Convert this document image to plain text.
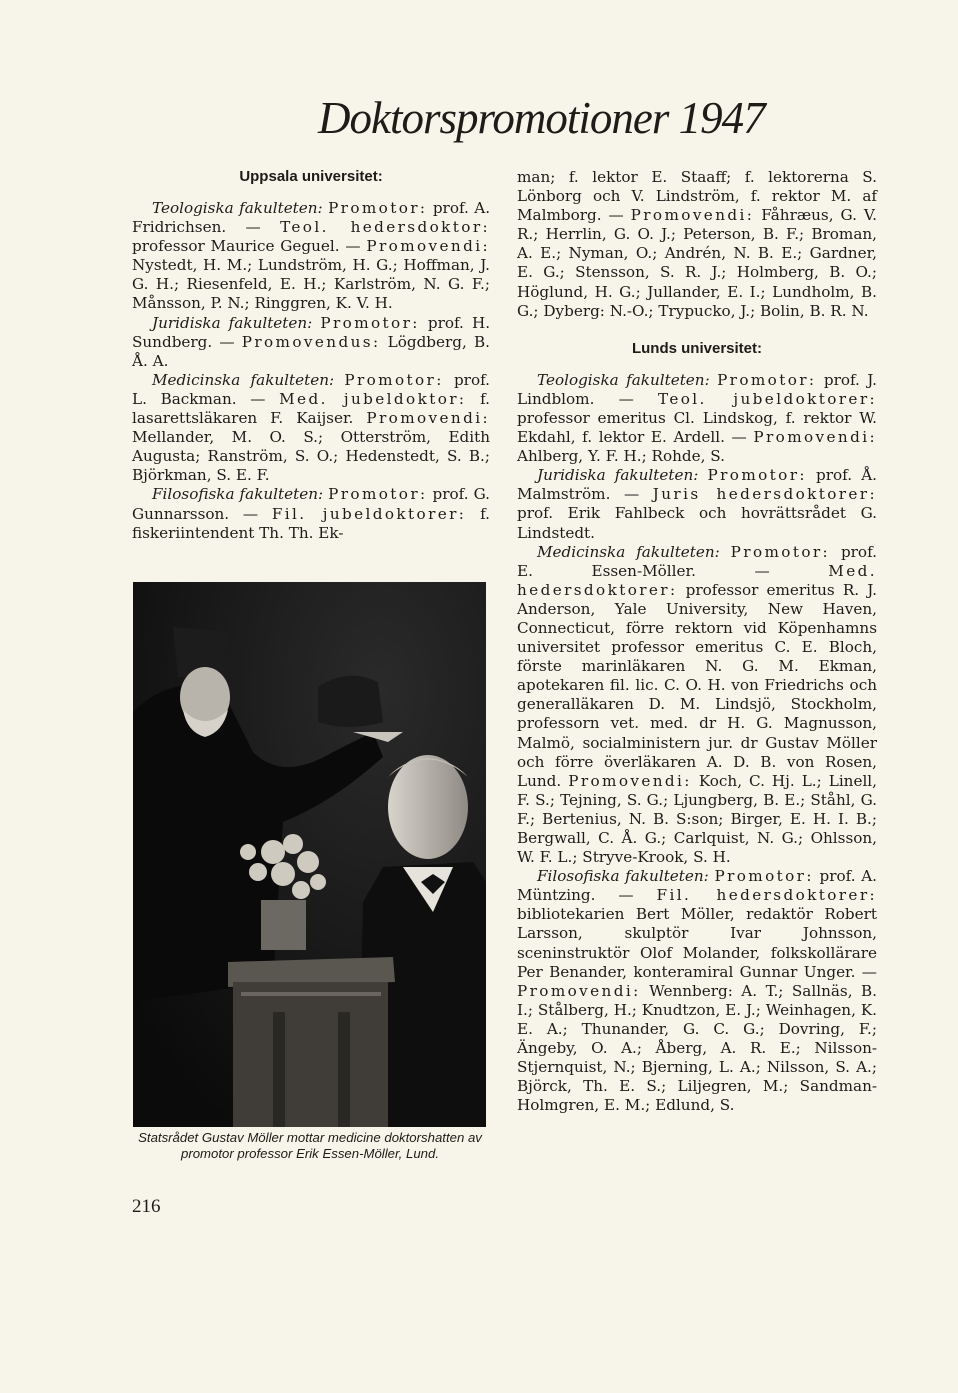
Doktorspromotioner 1947
Uppsala universitet:
Teologiska fakulteten: Promotor: prof. A. Fridrichsen. — Teol. hedersdoktor: professor Maurice Geguel. — Promovendi: Nystedt, H. M.; Lundström, H. G.; Hoffman, J. G. H.; Riesenfeld, E. H.; Karlström, N. G. F.; Månsson, P. N.; Ringgren, K. V. H.
Juridiska fakulteten: Promotor: prof. H. Sundberg. — Promovendus: Lögdberg, B. Å. A.
Medicinska fakulteten: Promotor: prof. L. Backman. — Med. jubeldoktor: f. lasarettsläkaren F. Kaijser. Promovendi: Mellander, M. O. S.; Otterström, Edith Augusta; Ranström, S. O.; Hedenstedt, S. B.; Björkman, S. E. F.
Filosofiska fakulteten: Promotor: prof. G. Gunnarsson. — Fil. jubeldoktorer: f. fiskeriintendent Th. Th. Ek-

Statsrådet Gustav Möller mottar medicine doktorshatten av promotor professor Erik Essen-Möller, Lund.

man; f. lektor E. Staaff; f. lektorerna S. Lönborg och V. Lindström, f. rektor M. af Malmborg. — Promovendi: Fåhræus, G. V. R.; Herrlin, G. O. J.; Peterson, B. F.; Broman, A. E.; Nyman, O.; Andrén, N. B. E.; Gardner, E. G.; Stensson, S. R. J.; Holmberg, B. O.; Höglund, H. G.; Jullander, E. I.; Lundholm, B. G.; Dyberg: N.-O.; Trypucko, J.; Bolin, B. R. N.
Lunds universitet:
Teologiska fakulteten: Promotor: prof. J. Lindblom. — Teol. jubeldoktorer: professor emeritus Cl. Lindskog, f. rektor W. Ekdahl, f. lektor E. Ardell. — Promovendi: Ahlberg, Y. F. H.; Rohde, S.
Juridiska fakulteten: Promotor: prof. Å. Malmström. — Juris hedersdoktorer: prof. Erik Fahlbeck och hovrättsrådet G. Lindstedt.
Medicinska fakulteten: Promotor: prof. E. Essen-Möller. — Med. hedersdoktorer: professor emeritus R. J. Anderson, Yale University, New Haven, Connecticut, förre rektorn vid Köpenhamns universitet professor emeritus C. E. Bloch, förste marinläkaren N. G. M. Ekman, apotekaren fil. lic. C. O. H. von Friedrichs och generalläkaren D. M. Lindsjö, Stockholm, professorn vet. med. dr H. G. Magnusson, Malmö, socialministern jur. dr Gustav Möller och förre överläkaren A. D. B. von Rosen, Lund. Promovendi: Koch, C. Hj. L.; Linell, F. S.; Tejning, S. G.; Ljungberg, B. E.; Ståhl, G. F.; Bertenius, N. B. S:son; Birger, E. H. I. B.; Bergwall, C. Å. G.; Carlquist, N. G.; Ohlsson, W. F. L.; Stryve-Krook, S. H.
Filosofiska fakulteten: Promotor: prof. A. Müntzing. — Fil. hedersdoktorer: bibliotekarien Bert Möller, redaktör Robert Larsson, skulptör Ivar Johnsson, sceninstruktör Olof Molander, folkskollärare Per Benander, konteramiral Gunnar Unger. — Promovendi: Wennberg: A. T.; Sallnäs, B. I.; Stålberg, H.; Knudtzon, E. J.; Weinhagen, K. E. A.; Thunander, G. C. G.; Dovring, F.; Ängeby, O. A.; Åberg, A. R. E.; Nilsson-Stjernquist, N.; Bjerning, L. A.; Nilsson, S. A.; Björck, Th. E. S.; Liljegren, M.; Sandman-Holmgren, E. M.; Edlund, S.

216
